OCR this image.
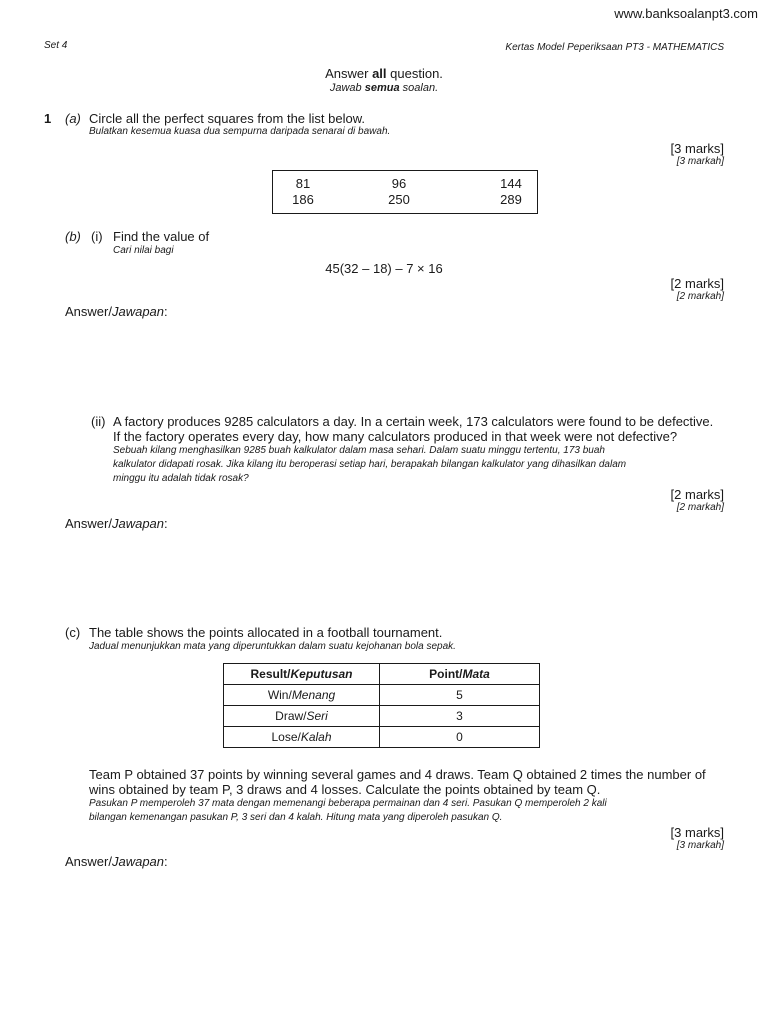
www.banksoalanpt3.com
Set 4	Kertas Model Peperiksaan PT3 - MATHEMATICS
Answer all question.
Jawab semua soalan.
1 (a) Circle all the perfect squares from the list below.
Bulatkan kesemua kuasa dua sempurna daripada senarai di bawah.
[3 marks]
[3 markah]
81	96	144
186	250	289
(b) (i) Find the value of
Cari nilai bagi
45(32 – 18) – 7 × 16
[2 marks]
[2 markah]
Answer/Jawapan:
(ii) A factory produces 9285 calculators a day. In a certain week, 173 calculators were found to be defective.
If the factory operates every day, how many calculators produced in that week were not defective?
Sebuah kilang menghasilkan 9285 buah kalkulator dalam masa sehari. Dalam suatu minggu tertentu, 173 buah
kalkulator didapati rosak. Jika kilang itu beroperasi setiap hari, berapakah bilangan kalkulator yang dihasilkan dalam
minggu itu adalah tidak rosak?
[2 marks]
[2 markah]
Answer/Jawapan:
(c) The table shows the points allocated in a football tournament.
Jadual menunjukkan mata yang diperuntukkan dalam suatu kejohanan bola sepak.
Result/Keputusan	Point/Mata
Win/Menang	5
Draw/Seri	3
Lose/Kalah	0
Team P obtained 37 points by winning several games and 4 draws. Team Q obtained 2 times the number of
wins obtained by team P, 3 draws and 4 losses. Calculate the points obtained by team Q.
Pasukan P memperoleh 37 mata dengan memenangi beberapa permainan dan 4 seri. Pasukan Q memperoleh 2 kali
bilangan kemenangan pasukan P, 3 seri dan 4 kalah. Hitung mata yang diperoleh pasukan Q.
[3 marks]
[3 markah]
Answer/Jawapan:
